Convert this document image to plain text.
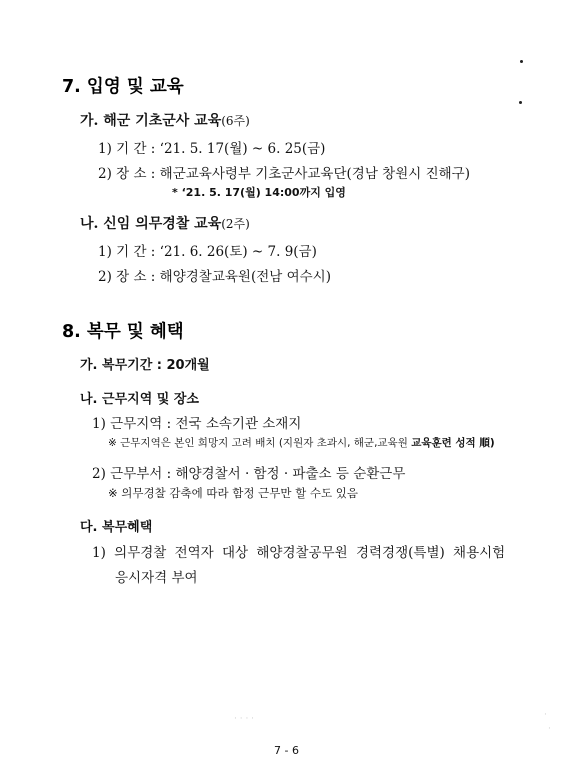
7. 입영 및 교육
가. 해군 기초군사 교육(6주)
1) 기 간 : ‘21. 5. 17(월) ~ 6. 25(금)
2) 장 소 : 해군교육사령부 기초군사교육단(경남 창원시 진해구)
* ‘21. 5. 17(월) 14:00까지 입영
나. 신임 의무경찰 교육(2주)
1) 기 간 : ‘21. 6. 26(토) ~ 7. 9(금)
2) 장 소 : 해양경찰교육원(전남 여수시)
8. 복무 및 혜택
가. 복무기간 : 20개월
나. 근무지역 및 장소
1) 근무지역 : 전국 소속기관 소재지
※ 근무지역은 본인 희망지 고려 배치 (지원자 초과시, 해군,교육원 교육훈련 성적 順)
2) 근무부서 : 해양경찰서 · 함정 · 파출소 등 순환근무
※ 의무경찰 감축에 따라 함정 근무만 할 수도 있음
다. 복무혜택
1) 의무경찰 전역자 대상 해양경찰공무원 경력경쟁(특별) 채용시험
응시자격 부여
7 - 6
· · · ·	·
·
